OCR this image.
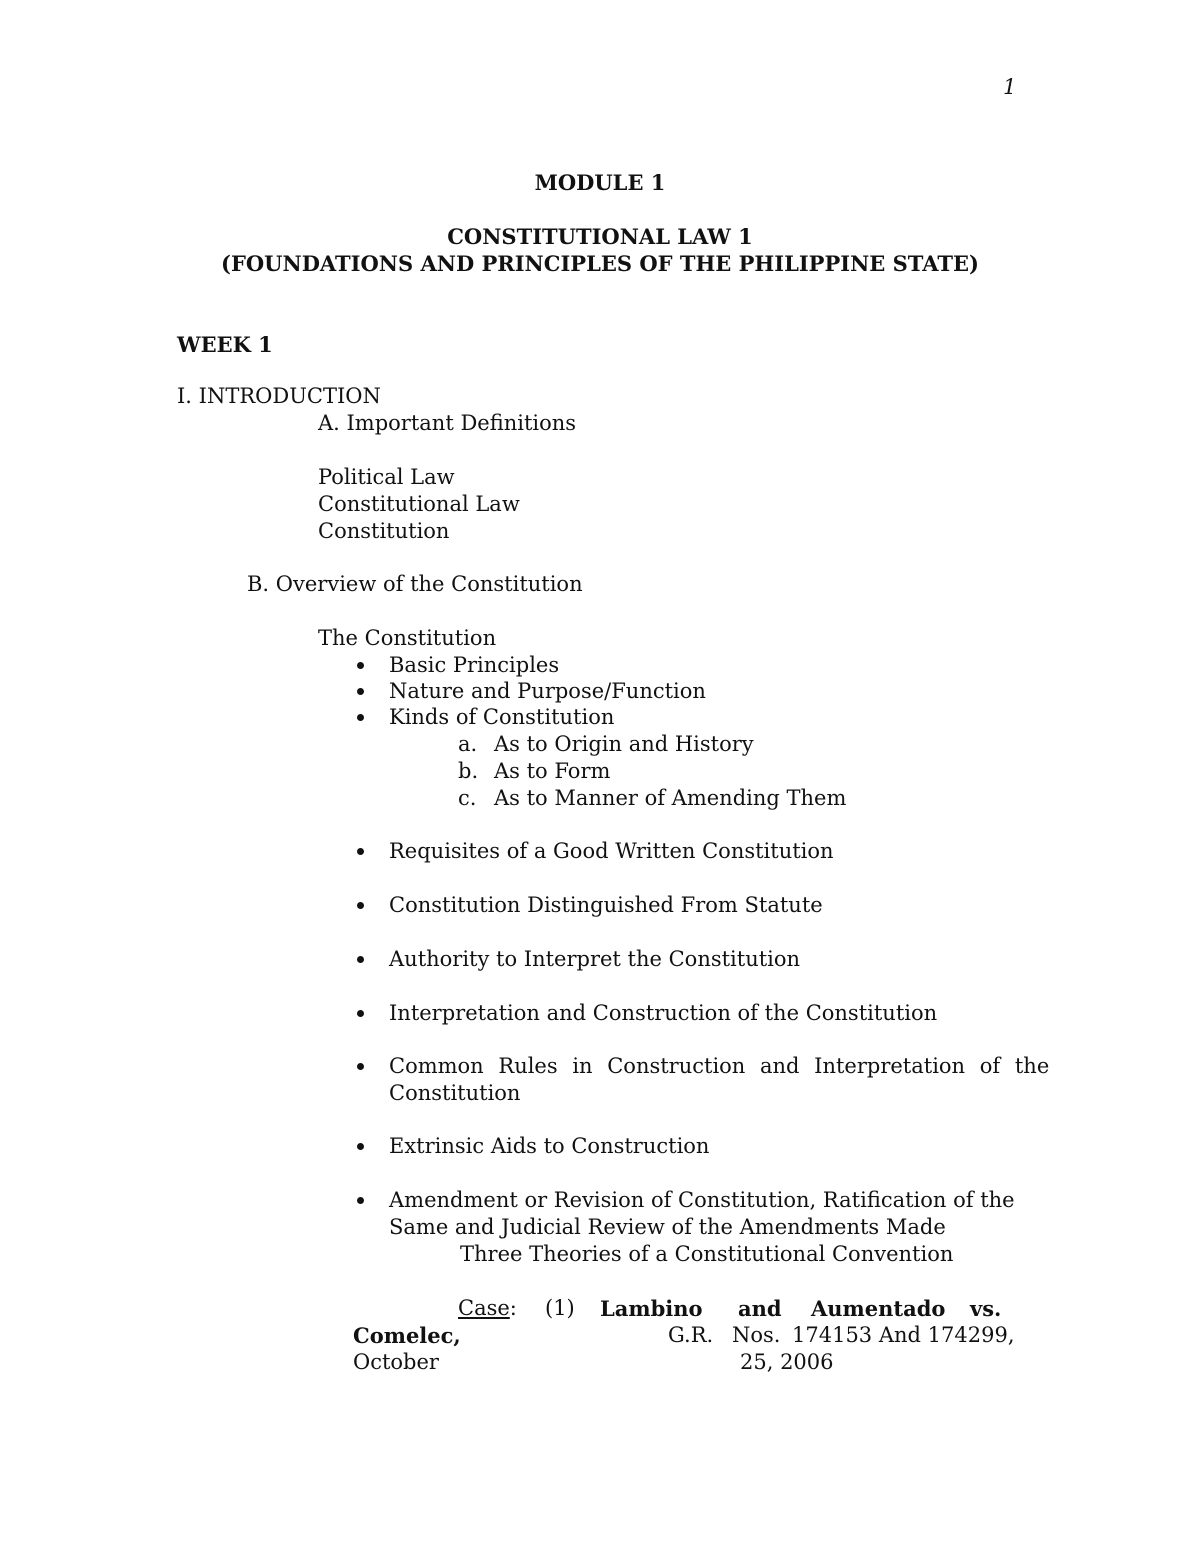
1
MODULE 1
CONSTITUTIONAL LAW 1
(FOUNDATIONS AND PRINCIPLES OF THE PHILIPPINE STATE)
WEEK 1
I. INTRODUCTION
A. Important Definitions
Political Law
Constitutional Law
Constitution
B. Overview of the Constitution
The Constitution
Basic Principles
Nature and Purpose/Function
Kinds of Constitution
a. As to Origin and History
b. As to Form
c. As to Manner of Amending Them
Requisites of a Good Written Constitution
Constitution Distinguished From Statute
Authority to Interpret the Constitution
Interpretation and Construction of the Constitution
Common Rules in Construction and Interpretation of the
Constitution
Extrinsic Aids to Construction
Amendment or Revision of Constitution, Ratification of the
Same and Judicial Review of the Amendments Made
Three Theories of a Constitutional Convention
Case: (1) Lambino and Aumentado vs.
Comelec,	G.R. Nos. 174153 And 174299,
October	25, 2006
